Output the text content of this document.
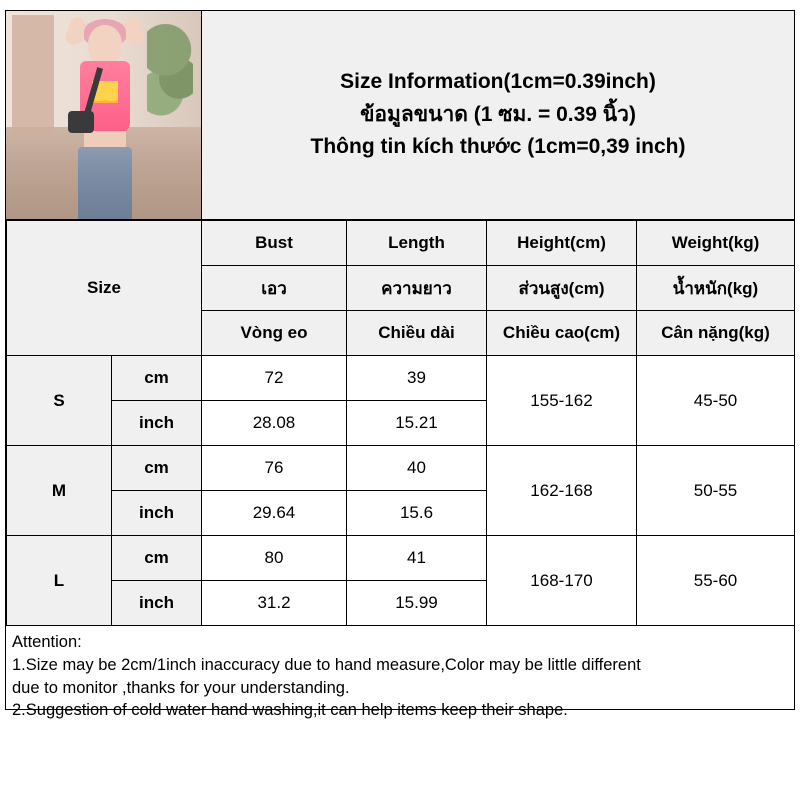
Size Information(1cm=0.39inch)
ข้อมูลขนาด (1 ซม. = 0.39 นิ้ว)
Thông tin kích thước (1cm=0,39 inch)
Size		Bust	Length	Height(cm)	Weight(kg)
		เอว	ความยาว	ส่วนสูง(cm)	น้ำหนัก(kg)
		Vòng eo	Chiều dài	Chiều cao(cm)	Cân nặng(kg)
S	cm	72	39	155-162	45-50
	inch	28.08	15.21		
M	cm	76	40	162-168	50-55
	inch	29.64	15.6		
L	cm	80	41	168-170	55-60
	inch	31.2	15.99		

Attention:

1.Size may be 2cm/1inch inaccuracy due to hand measure,Color may be little different

due to monitor ,thanks for your understanding.

2.Suggestion of cold water hand washing,it can help items keep their shape.
